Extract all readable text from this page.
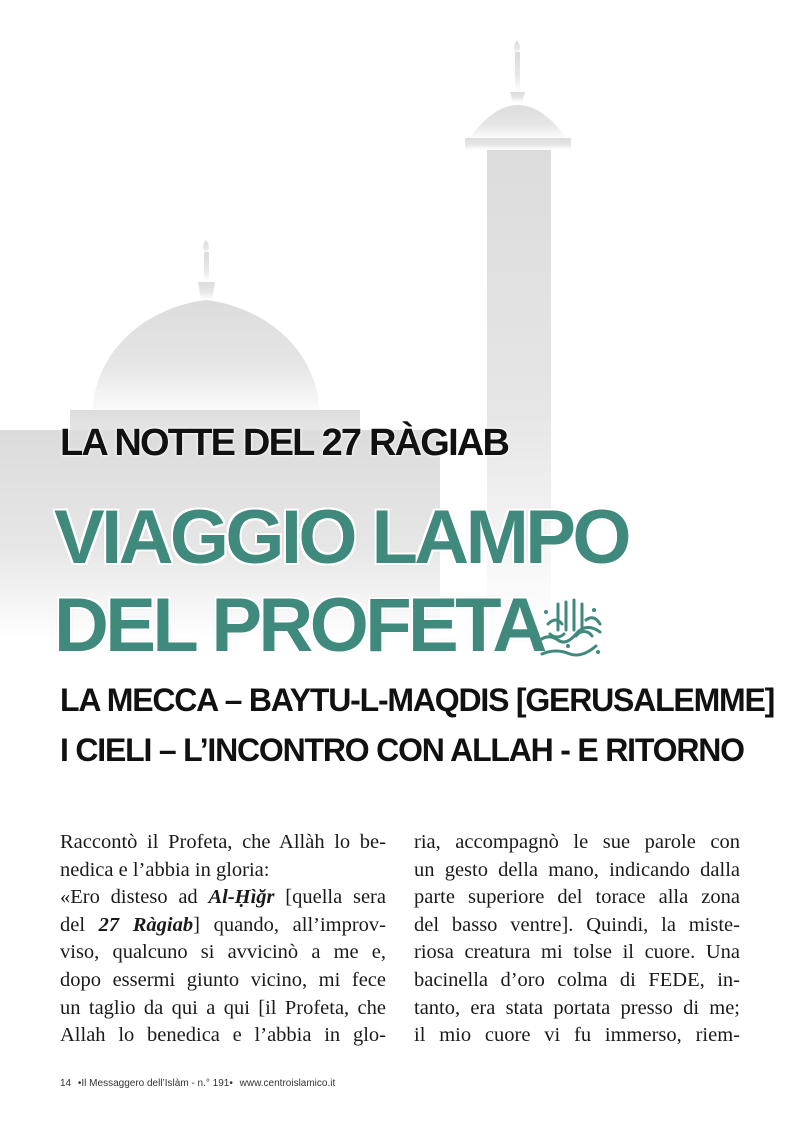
LA NOTTE DEL 27 RÀGIAB
VIAGGIO LAMPO
DEL PROFETA
LA MECCA – BAYTU-L-MAQDIS [GERUSALEMME]
I CIELI – L’INCONTRO CON ALLAH - E RITORNO
Raccontò il Profeta, che Allàh lo be-
nedica e l’abbia in gloria:
«Ero disteso ad Al-Ḥìğr [quella sera
del 27 Ràgiab] quando, all’improv-
viso, qualcuno si avvicinò a me e,
dopo essermi giunto vicino, mi fece
un taglio da qui a qui [il Profeta, che
Allah lo benedica e l’abbia in glo-
ria, accompagnò le sue parole con
un gesto della mano, indicando dalla
parte superiore del torace alla zona
del basso ventre]. Quindi, la miste-
riosa creatura mi tolse il cuore. Una
bacinella d’oro colma di FEDE, in-
tanto, era stata portata presso di me;
il mio cuore vi fu immerso, riem-
14 •Il Messaggero dell’Islàm - n.° 191• www.centroislamico.it
